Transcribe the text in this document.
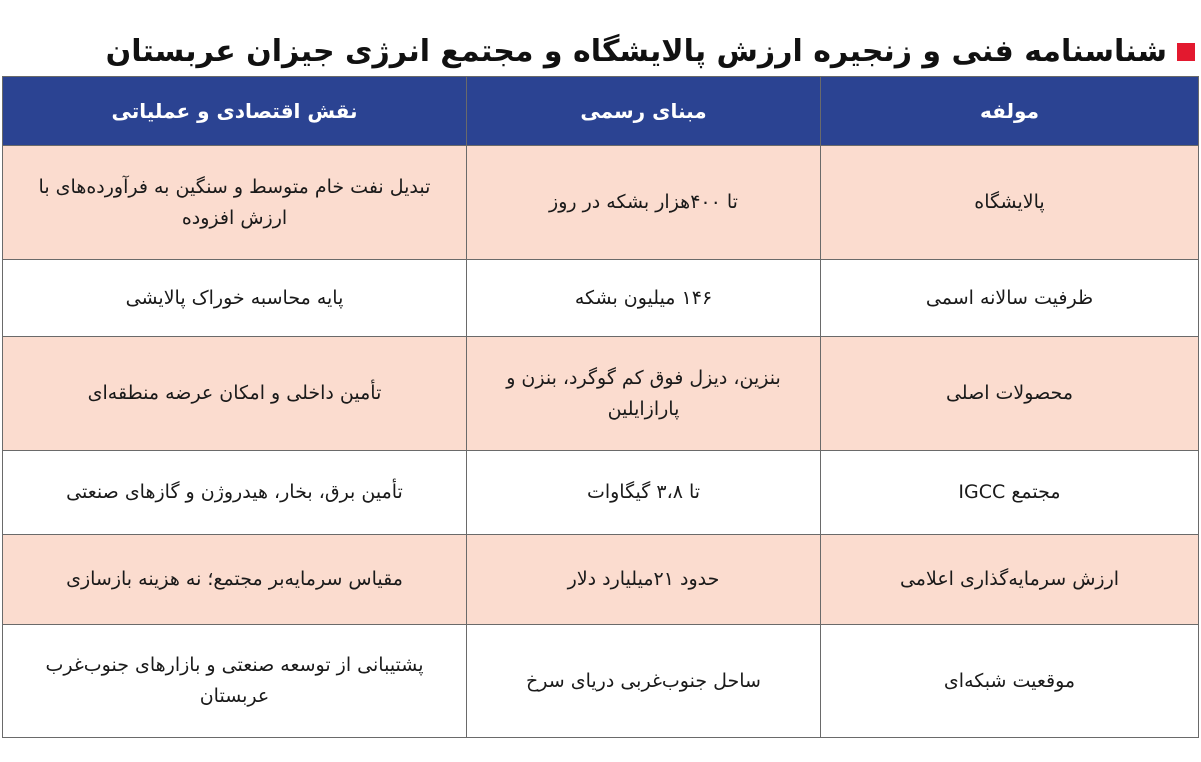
شناسنامه فنی و زنجیره ارزش پالایشگاه و مجتمع انرژی جیزان عربستان
مولفه	مبنای رسمی	نقش اقتصادی و عملیاتی
پالایشگاه	تا ۴۰۰هزار بشکه در روز	تبدیل نفت خام متوسط و سنگین به فرآورده‌های با ارزش افزوده
ظرفیت سالانه اسمی	۱۴۶ میلیون بشکه	پایه محاسبه خوراک پالایشی
محصولات اصلی	بنزین، دیزل فوق کم گوگرد، بنزن و پارازایلین	تأمین داخلی و امکان عرضه منطقه‌ای
مجتمع IGCC	تا ۳،۸ گیگاوات	تأمین برق، بخار، هیدروژن و گازهای صنعتی
ارزش سرمایه‌گذاری اعلامی	حدود ۲۱میلیارد دلار	مقیاس سرمایه‌بر مجتمع؛ نه هزینه بازسازی
موقعیت شبکه‌ای	ساحل جنوب‌غربی دریای سرخ	پشتیبانی از توسعه صنعتی و بازارهای جنوب‌غرب عربستان
